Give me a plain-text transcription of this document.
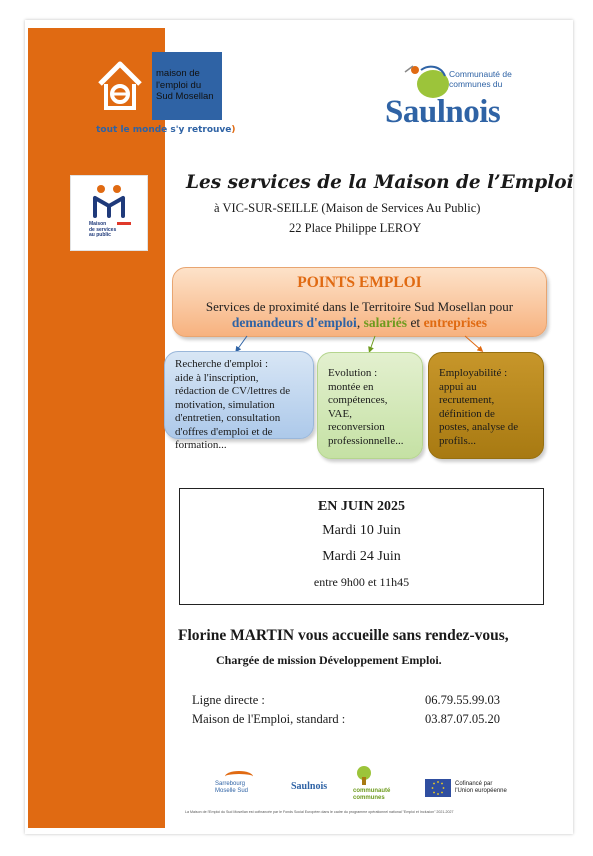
maison de
l'emploi du
Sud Mosellan
(tout le monde s'y retrouve)
Communauté de
communes du
Saulnois
Maison
de services
au public
Les services de la Maison de l’Emploi
à VIC-SUR-SEILLE (Maison de Services Au Public)
22 Place Philippe LEROY
POINTS EMPLOI
Services de proximité dans le Territoire Sud Mosellan pour
demandeurs d'emploi, salariés et entreprises
Recherche d'emploi :
aide à l'inscription,
rédaction de CV/lettres de
motivation, simulation
d'entretien, consultation
d'offres d'emploi et de
formation...
Evolution :
montée en
compétences,
VAE,
reconversion
professionnelle...
Employabilité :
appui au
recrutement,
définition de
postes, analyse de
profils...
EN JUIN 2025
Mardi 10 Juin
Mardi 24 Juin
entre 9h00 et 11h45
Florine MARTIN vous accueille sans rendez-vous,
Chargée de mission Développement Emploi.
Ligne directe :	06.79.55.99.03
Maison de l'Emploi, standard :	03.87.07.05.20
Sarrebourg
Moselle Sud	Saulnois	communauté
communes
Cofinancé par
l'Union européenne
La Maison de l'Emploi du Sud Mosellan est cofinancée par le Fonds Social Européen dans le cadre du programme opérationnel national "Emploi et Inclusion" 2021-2027
